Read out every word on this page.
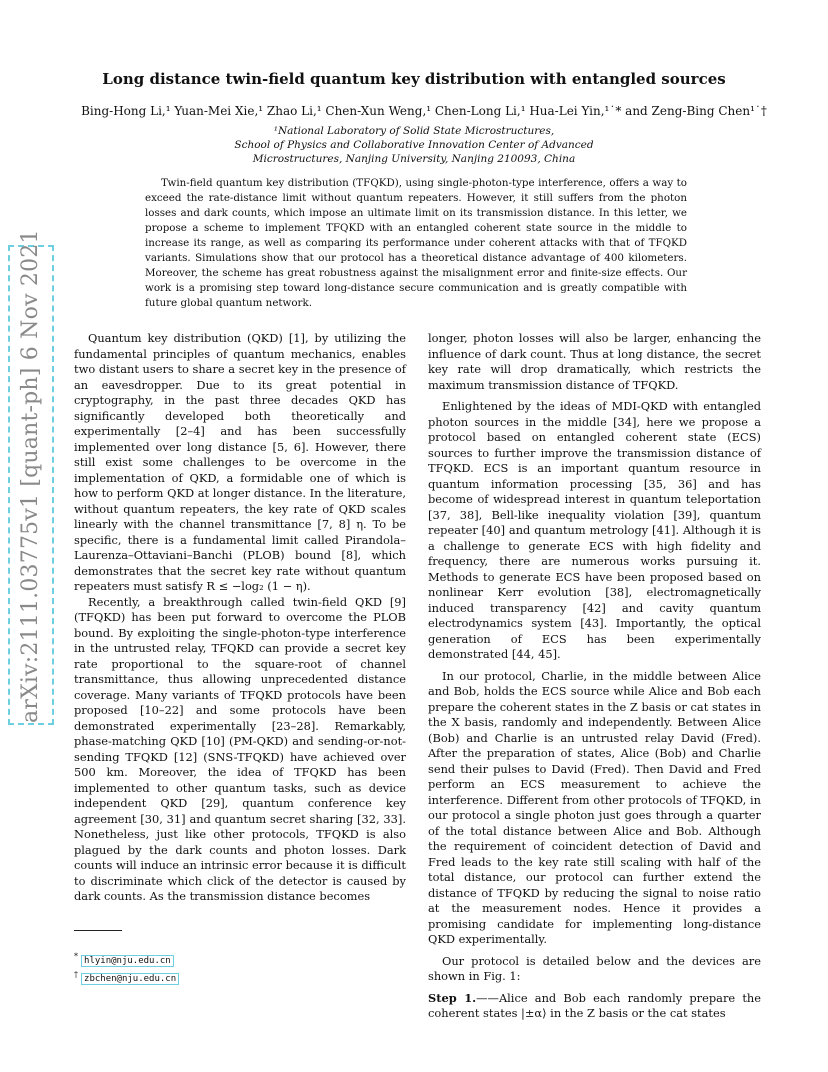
arXiv:2111.03775v1 [quant-ph] 6 Nov 2021
Long distance twin-field quantum key distribution with entangled sources
Bing-Hong Li,¹ Yuan-Mei Xie,¹ Zhao Li,¹ Chen-Xun Weng,¹ Chen-Long Li,¹ Hua-Lei Yin,¹˙* and Zeng-Bing Chen¹˙†
¹National Laboratory of Solid State Microstructures,
School of Physics and Collaborative Innovation Center of Advanced
Microstructures, Nanjing University, Nanjing 210093, China
Twin-field quantum key distribution (TFQKD), using single-photon-type interference, offers a way to exceed the rate-distance limit without quantum repeaters. However, it still suffers from the photon losses and dark counts, which impose an ultimate limit on its transmission distance. In this letter, we propose a scheme to implement TFQKD with an entangled coherent state source in the middle to increase its range, as well as comparing its performance under coherent attacks with that of TFQKD variants. Simulations show that our protocol has a theoretical distance advantage of 400 kilometers. Moreover, the scheme has great robustness against the misalignment error and finite-size effects. Our work is a promising step toward long-distance secure communication and is greatly compatible with future global quantum network.

Quantum key distribution (QKD) [1], by utilizing the fundamental principles of quantum mechanics, enables two distant users to share a secret key in the presence of an eavesdropper. Due to its great potential in cryptography, in the past three decades QKD has significantly developed both theoretically and experimentally [2–4] and has been successfully implemented over long distance [5, 6]. However, there still exist some challenges to be overcome in the implementation of QKD, a formidable one of which is how to perform QKD at longer distance. In the literature, without quantum repeaters, the key rate of QKD scales linearly with the channel transmittance [7, 8] η. To be specific, there is a fundamental limit called Pirandola–Laurenza–Ottaviani–Banchi (PLOB) bound [8], which demonstrates that the secret key rate without quantum repeaters must satisfy R ≤ −log₂ (1 − η).

Recently, a breakthrough called twin-field QKD [9] (TFQKD) has been put forward to overcome the PLOB bound. By exploiting the single-photon-type interference in the untrusted relay, TFQKD can provide a secret key rate proportional to the square-root of channel transmittance, thus allowing unprecedented distance coverage. Many variants of TFQKD protocols have been proposed [10–22] and some protocols have been demonstrated experimentally [23–28]. Remarkably, phase-matching QKD [10] (PM-QKD) and sending-or-not-sending TFQKD [12] (SNS-TFQKD) have achieved over 500 km. Moreover, the idea of TFQKD has been implemented to other quantum tasks, such as device independent QKD [29], quantum conference key agreement [30, 31] and quantum secret sharing [32, 33]. Nonetheless, just like other protocols, TFQKD is also plagued by the dark counts and photon losses. Dark counts will induce an intrinsic error because it is difficult to discriminate which click of the detector is caused by dark counts. As the transmission distance becomes

longer, photon losses will also be larger, enhancing the influence of dark count. Thus at long distance, the secret key rate will drop dramatically, which restricts the maximum transmission distance of TFQKD.

Enlightened by the ideas of MDI-QKD with entangled photon sources in the middle [34], here we propose a protocol based on entangled coherent state (ECS) sources to further improve the transmission distance of TFQKD. ECS is an important quantum resource in quantum information processing [35, 36] and has become of widespread interest in quantum teleportation [37, 38], Bell-like inequality violation [39], quantum repeater [40] and quantum metrology [41]. Although it is a challenge to generate ECS with high fidelity and frequency, there are numerous works pursuing it. Methods to generate ECS have been proposed based on nonlinear Kerr evolution [38], electromagnetically induced transparency [42] and cavity quantum electrodynamics system [43]. Importantly, the optical generation of ECS has been experimentally demonstrated [44, 45].

In our protocol, Charlie, in the middle between Alice and Bob, holds the ECS source while Alice and Bob each prepare the coherent states in the Z basis or cat states in the X basis, randomly and independently. Between Alice (Bob) and Charlie is an untrusted relay David (Fred). After the preparation of states, Alice (Bob) and Charlie send their pulses to David (Fred). Then David and Fred perform an ECS measurement to achieve the interference. Different from other protocols of TFQKD, in our protocol a single photon just goes through a quarter of the total distance between Alice and Bob. Although the requirement of coincident detection of David and Fred leads to the key rate still scaling with half of the total distance, our protocol can further extend the distance of TFQKD by reducing the signal to noise ratio at the measurement nodes. Hence it provides a promising candidate for implementing long-distance QKD experimentally.

Our protocol is detailed below and the devices are shown in Fig. 1:

Step 1.——Alice and Bob each randomly prepare the coherent states |±α⟩ in the Z basis or the cat states

* hlyin@nju.edu.cn
† zbchen@nju.edu.cn
